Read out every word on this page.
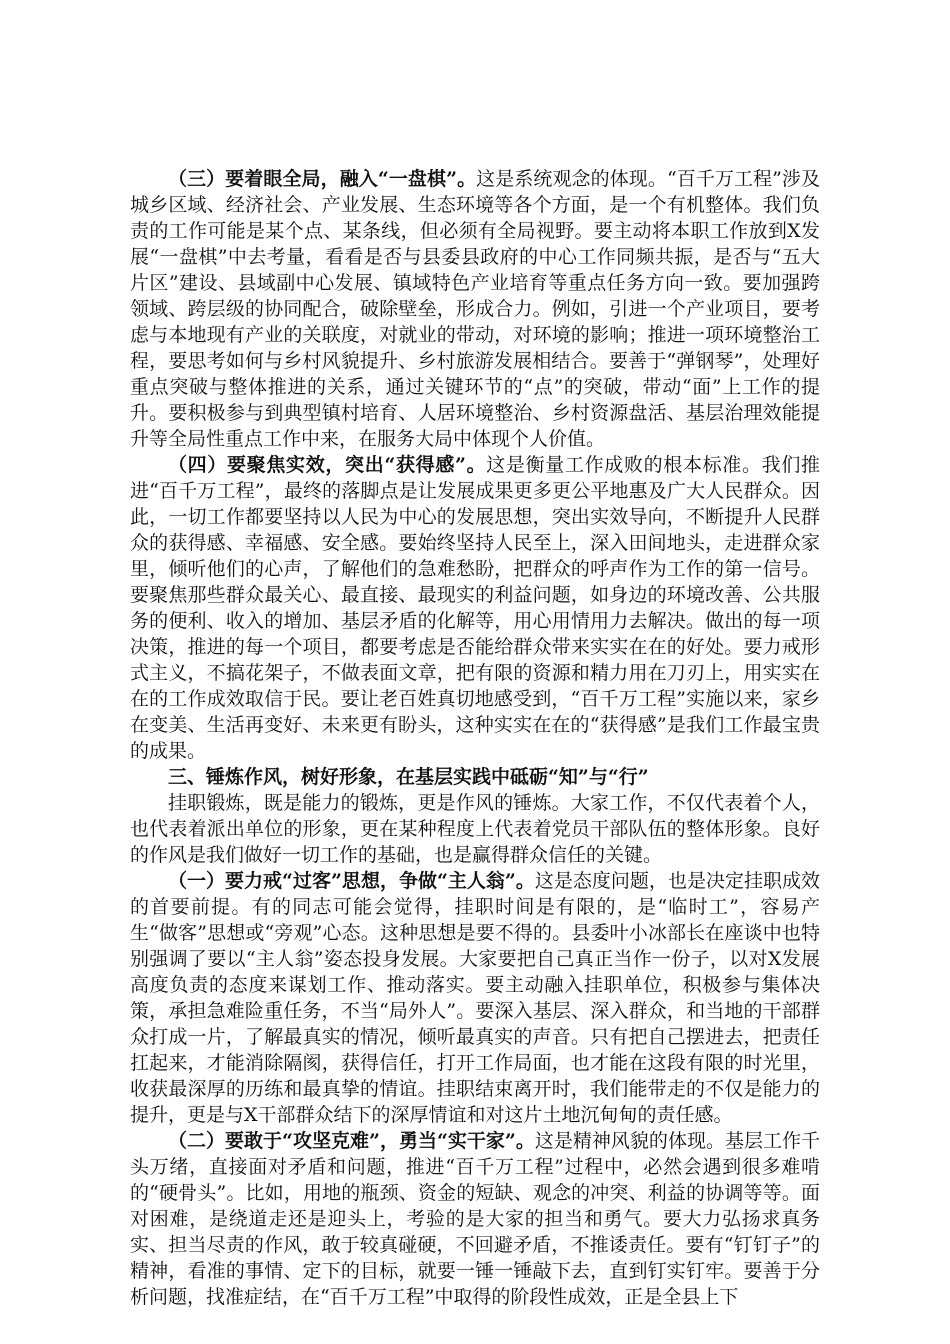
（三）要着眼全局，融入“一盘棋”。这是系统观念的体现。“百千万工程”涉及城乡区域、经济社会、产业发展、生态环境等各个方面，是一个有机整体。我们负责的工作可能是某个点、某条线，但必须有全局视野。要主动将本职工作放到X发展“一盘棋”中去考量，看看是否与县委县政府的中心工作同频共振，是否与“五大片区”建设、县域副中心发展、镇域特色产业培育等重点任务方向一致。要加强跨领域、跨层级的协同配合，破除壁垒，形成合力。例如，引进一个产业项目，要考虑与本地现有产业的关联度，对就业的带动，对环境的影响；推进一项环境整治工程，要思考如何与乡村风貌提升、乡村旅游发展相结合。要善于“弹钢琴”，处理好重点突破与整体推进的关系，通过关键环节的“点”的突破，带动“面”上工作的提升。要积极参与到典型镇村培育、人居环境整治、乡村资源盘活、基层治理效能提升等全局性重点工作中来，在服务大局中体现个人价值。

（四）要聚焦实效，突出“获得感”。这是衡量工作成败的根本标准。我们推进“百千万工程”，最终的落脚点是让发展成果更多更公平地惠及广大人民群众。因此，一切工作都要坚持以人民为中心的发展思想，突出实效导向，不断提升人民群众的获得感、幸福感、安全感。要始终坚持人民至上，深入田间地头，走进群众家里，倾听他们的心声，了解他们的急难愁盼，把群众的呼声作为工作的第一信号。要聚焦那些群众最关心、最直接、最现实的利益问题，如身边的环境改善、公共服务的便利、收入的增加、基层矛盾的化解等，用心用情用力去解决。做出的每一项决策，推进的每一个项目，都要考虑是否能给群众带来实实在在的好处。要力戒形式主义，不搞花架子，不做表面文章，把有限的资源和精力用在刀刃上，用实实在在的工作成效取信于民。要让老百姓真切地感受到，“百千万工程”实施以来，家乡在变美、生活再变好、未来更有盼头，这种实实在在的“获得感”是我们工作最宝贵的成果。

三、锤炼作风，树好形象，在基层实践中砥砺“知”与“行”

挂职锻炼，既是能力的锻炼，更是作风的锤炼。大家工作，不仅代表着个人，也代表着派出单位的形象，更在某种程度上代表着党员干部队伍的整体形象。良好的作风是我们做好一切工作的基础，也是赢得群众信任的关键。

（一）要力戒“过客”思想，争做“主人翁”。这是态度问题，也是决定挂职成效的首要前提。有的同志可能会觉得，挂职时间是有限的，是“临时工”，容易产生“做客”思想或“旁观”心态。这种思想是要不得的。县委叶小冰部长在座谈中也特别强调了要以“主人翁”姿态投身发展。大家要把自己真正当作一份子，以对X发展高度负责的态度来谋划工作、推动落实。要主动融入挂职单位，积极参与集体决策，承担急难险重任务，不当“局外人”。要深入基层、深入群众，和当地的干部群众打成一片，了解最真实的情况，倾听最真实的声音。只有把自己摆进去，把责任扛起来，才能消除隔阂，获得信任，打开工作局面，也才能在这段有限的时光里，收获最深厚的历练和最真挚的情谊。挂职结束离开时，我们能带走的不仅是能力的提升，更是与X干部群众结下的深厚情谊和对这片土地沉甸甸的责任感。

（二）要敢于“攻坚克难”，勇当“实干家”。这是精神风貌的体现。基层工作千头万绪，直接面对矛盾和问题，推进“百千万工程”过程中，必然会遇到很多难啃的“硬骨头”。比如，用地的瓶颈、资金的短缺、观念的冲突、利益的协调等等。面对困难，是绕道走还是迎头上，考验的是大家的担当和勇气。要大力弘扬求真务实、担当尽责的作风，敢于较真碰硬，不回避矛盾，不推诿责任。要有“钉钉子”的精神，看准的事情、定下的目标，就要一锤一锤敲下去，直到钉实钉牢。要善于分析问题，找准症结，在“百千万工程”中取得的阶段性成效，正是全县上下
